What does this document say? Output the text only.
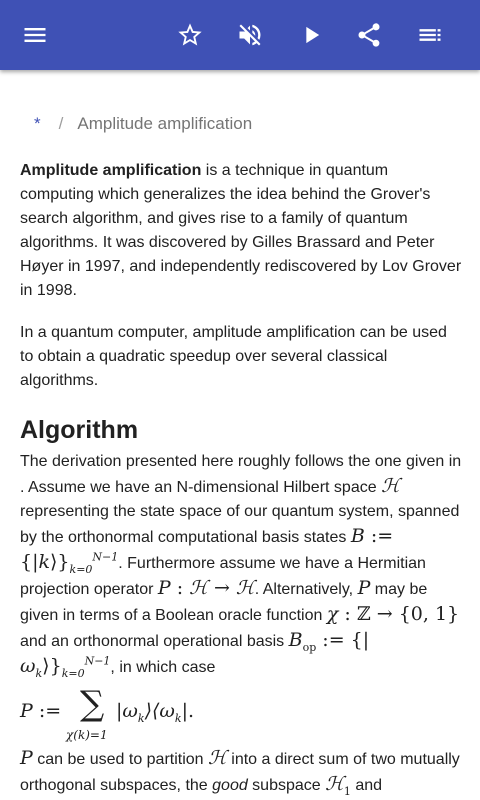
* / Amplitude amplification
Amplitude amplification is a technique in quantum computing which generalizes the idea behind the Grover's search algorithm, and gives rise to a family of quantum algorithms. It was discovered by Gilles Brassard and Peter Høyer in 1997, and independently rediscovered by Lov Grover in 1998.
In a quantum computer, amplitude amplification can be used to obtain a quadratic speedup over several classical algorithms.
Algorithm
The derivation presented here roughly follows the one given in . Assume we have an N-dimensional Hilbert space ℋ representing the state space of our quantum system, spanned by the orthonormal computational basis states B := $\{|k⟩\}_{k=0}^{N-1}$. Furthermore assume we have a Hermitian projection operator P : ℋ → ℋ. Alternatively, P may be given in terms of a Boolean oracle function χ : ℤ → {0, 1} and an orthonormal operational basis $B_{op}$ := $\{|\omega_k⟩\}_{k=0}^{N-1}$, in which case
P := ∑
χ(k)=1
$|\omega_k⟩⟨\omega_k|$.
P can be used to partition ℋ into a direct sum of two mutually orthogonal subspaces, the good subspace ℋ$_1$ and
